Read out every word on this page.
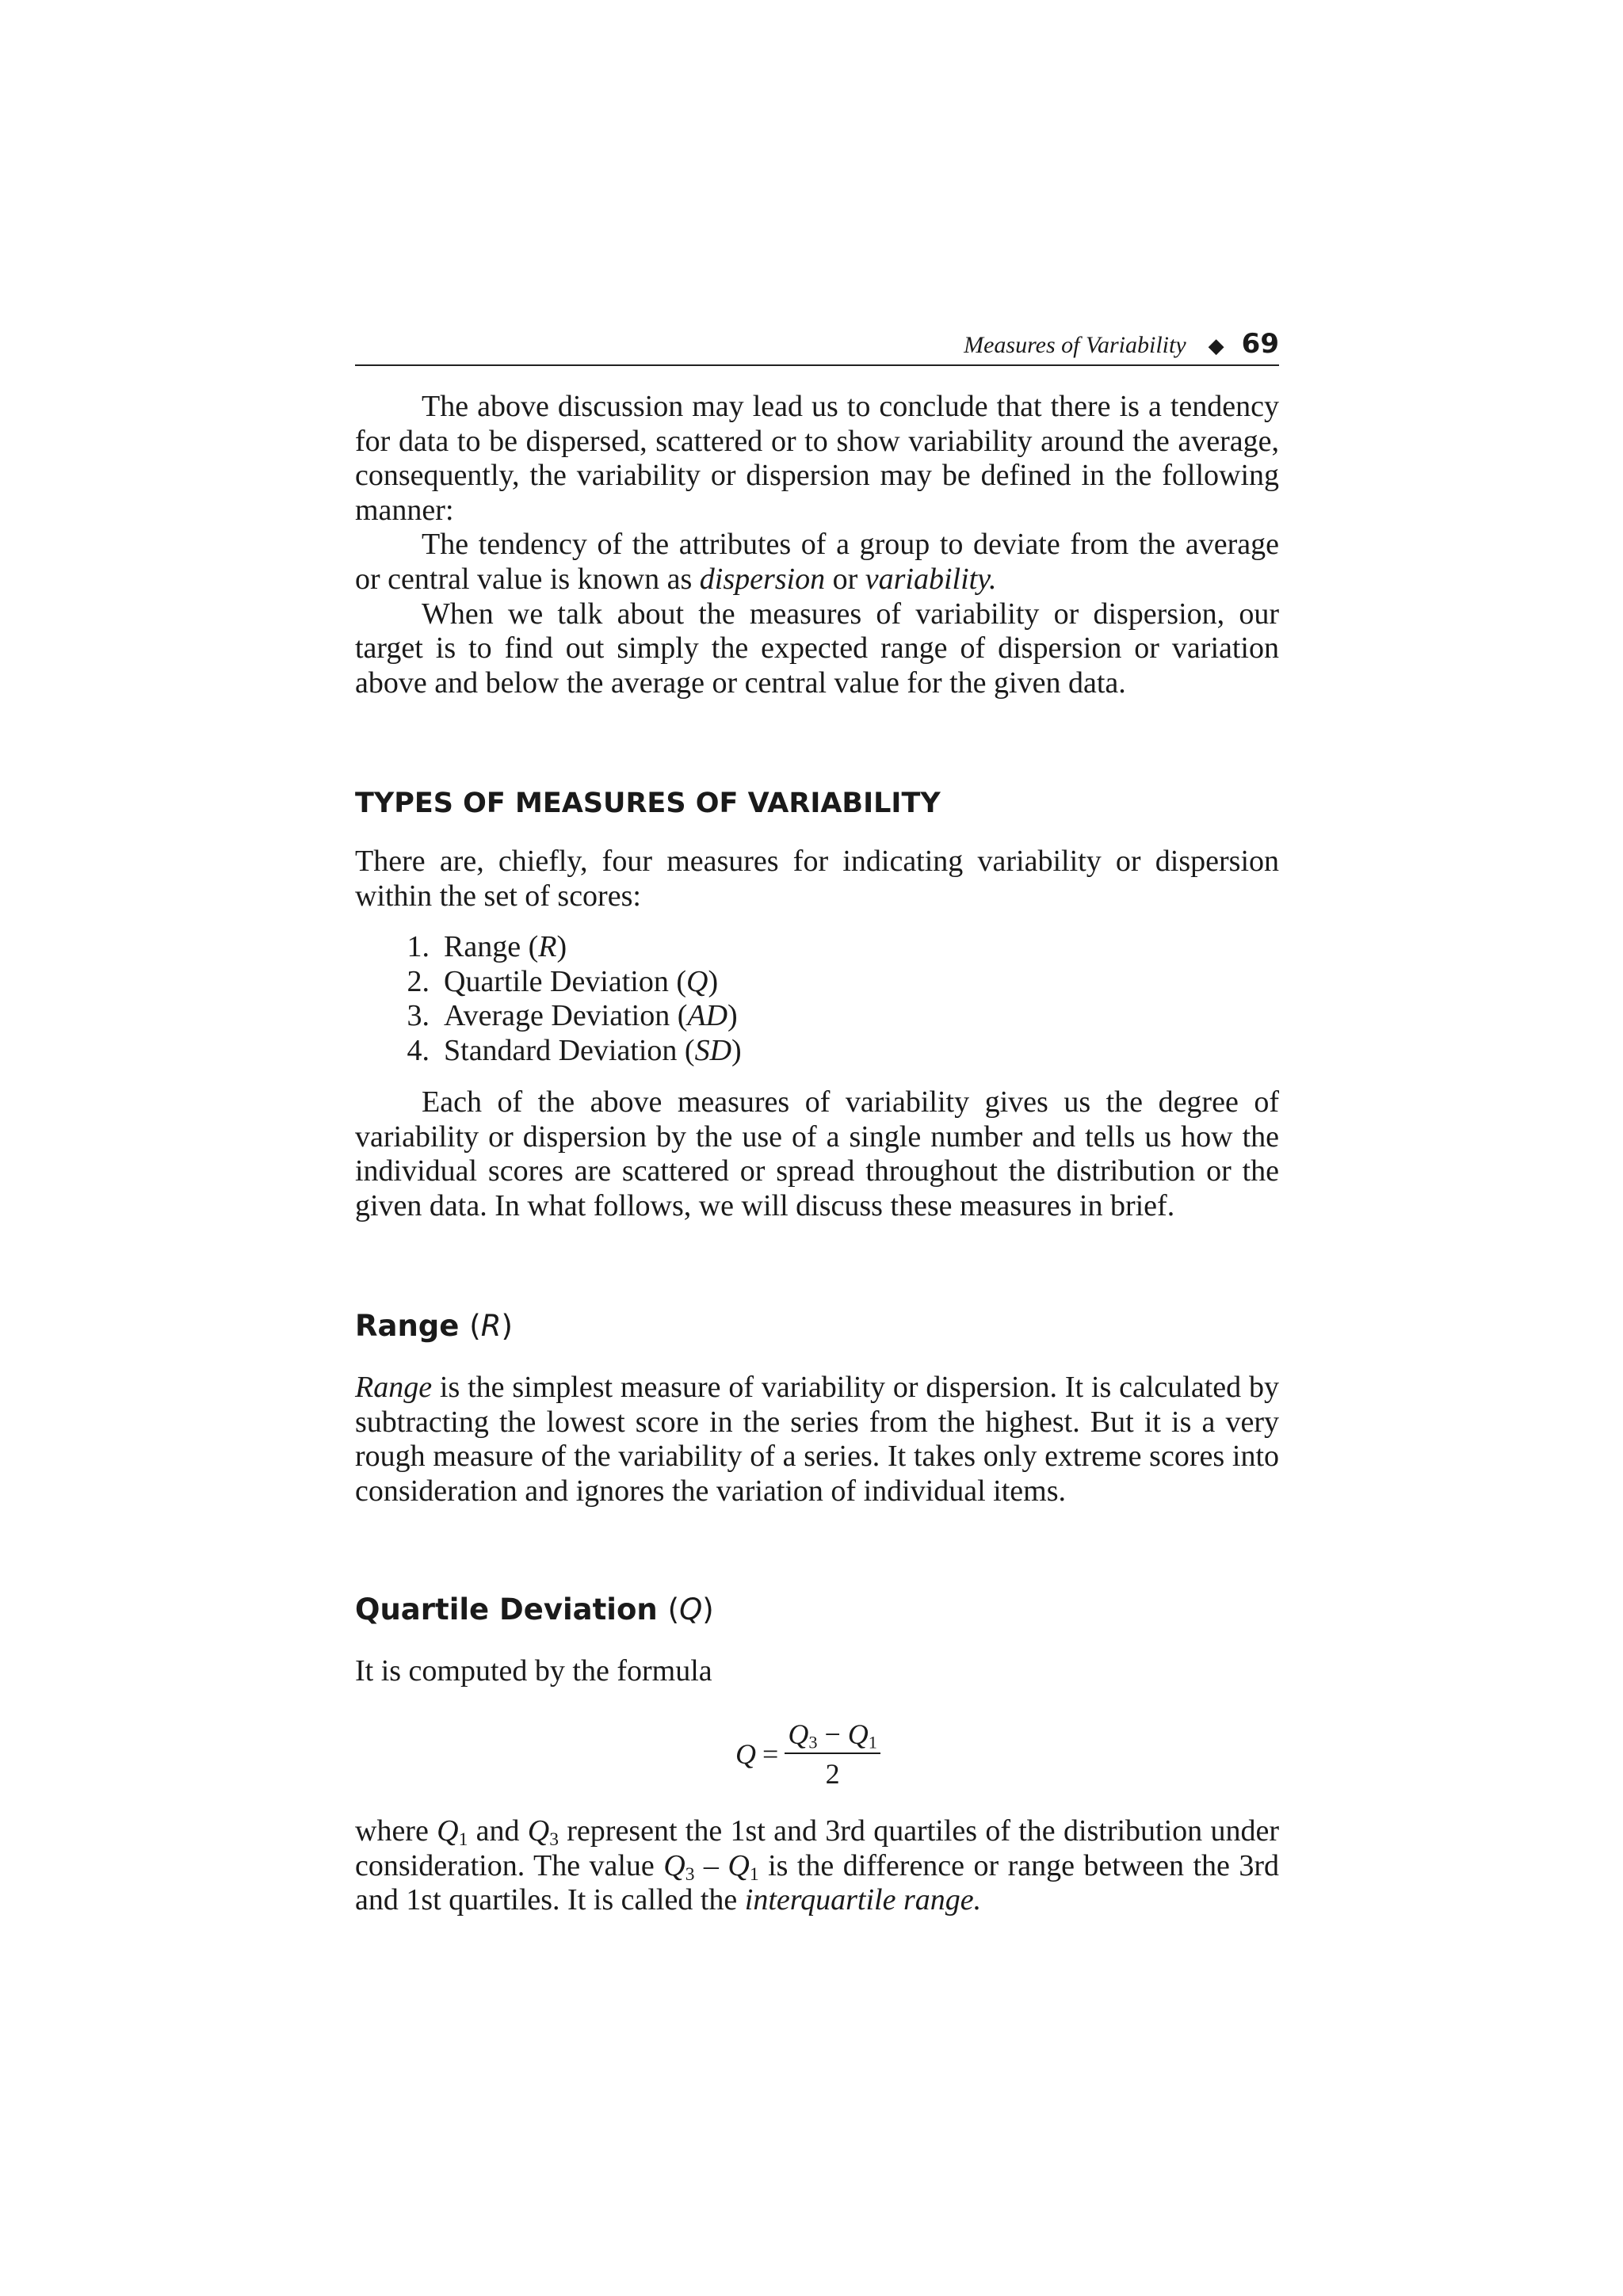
Measures of Variability ◆ 69

The above discussion may lead us to conclude that there is a tendency for data to be dispersed, scattered or to show variability around the average, consequently, the variability or dispersion may be defined in the following manner:

The tendency of the attributes of a group to deviate from the average or central value is known as dispersion or variability.

When we talk about the measures of variability or dispersion, our target is to find out simply the expected range of dispersion or variation above and below the average or central value for the given data.

TYPES OF MEASURES OF VARIABILITY

There are, chiefly, four measures for indicating variability or dispersion within the set of scores:

1. Range ( R )
2. Quartile Deviation ( Q )
3. Average Deviation ( AD )
4. Standard Deviation ( SD )

Each of the above measures of variability gives us the degree of variability or dispersion by the use of a single number and tells us how the individual scores are scattered or spread throughout the distribution or the given data. In what follows, we will discuss these measures in brief.

Range (R)

Range is the simplest measure of variability or dispersion. It is calculated by subtracting the lowest score in the series from the highest. But it is a very rough measure of the variability of a series. It takes only extreme scores into consideration and ignores the variation of individual items.

Quartile Deviation (Q)

It is computed by the formula

$Q = \frac{Q_3 - Q_1}{2}$

where $Q_1$ and $Q_3$ represent the 1st and 3rd quartiles of the distribution under consideration. The value $Q_3 - Q_1$ is the difference or range between the 3rd and 1st quartiles. It is called the interquartile range.
